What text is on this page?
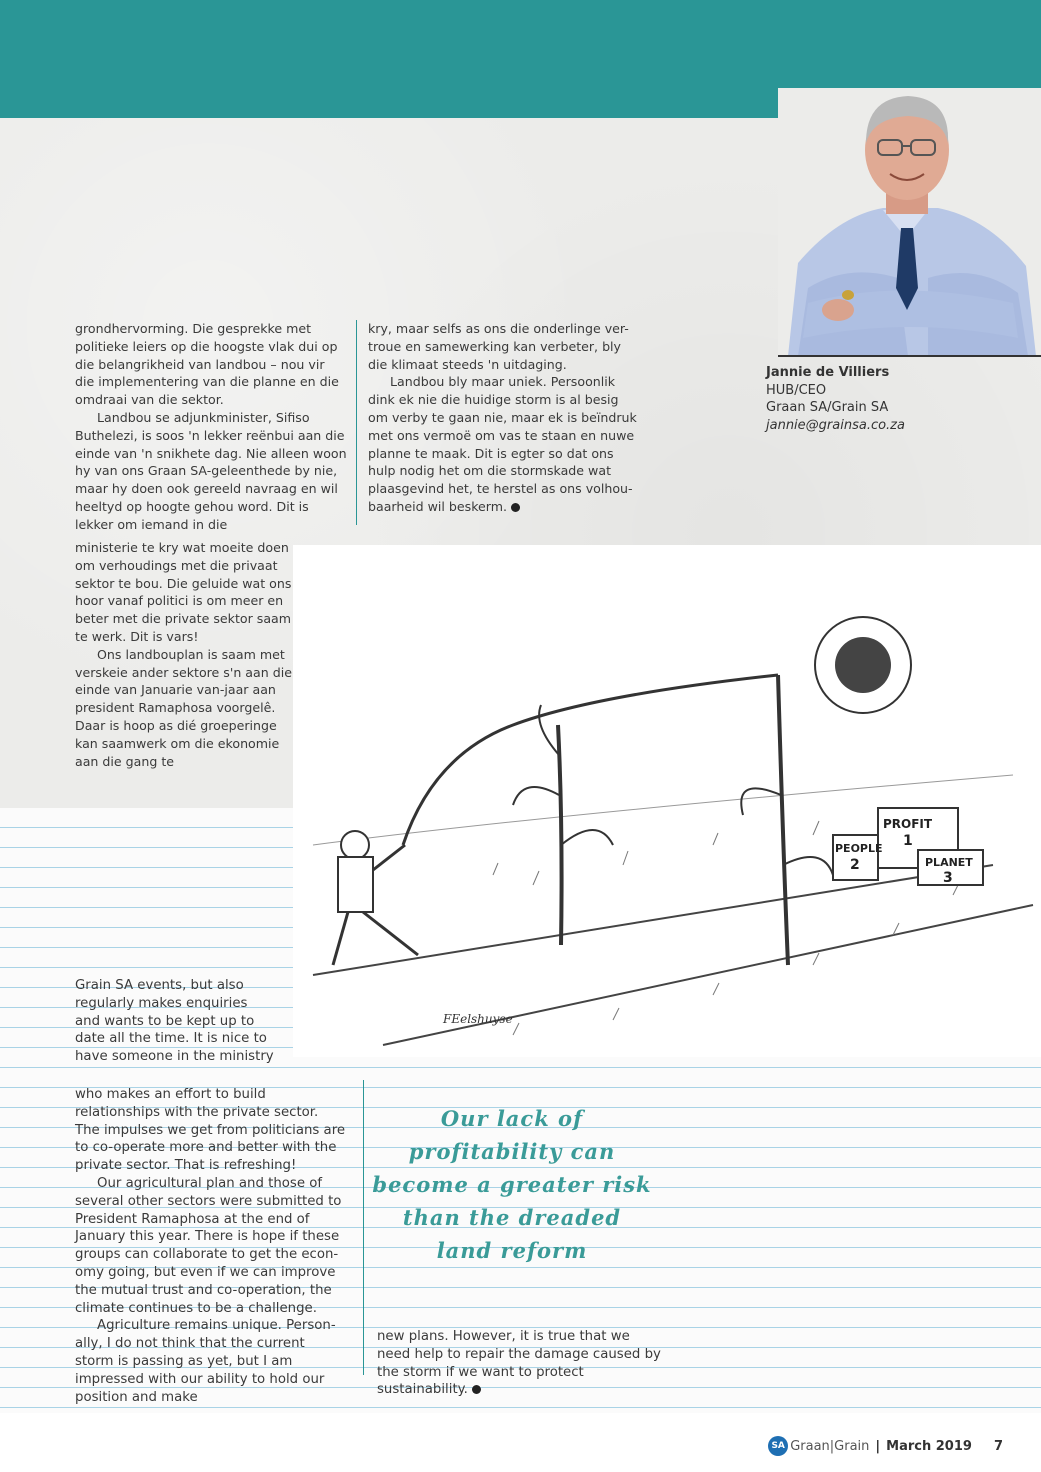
Jannie de Villiers
HUB/CEO
Graan SA/Grain SA
jannie@grainsa.co.za

grondhervorming. Die gesprekke met politieke leiers op die hoogste vlak dui op die belangrikheid van landbou – nou vir die implementering van die planne en die omdraai van die sektor.

Landbou se adjunkminister, Sifiso Buthelezi, is soos 'n lekker reënbui aan die einde van 'n snikhete dag. Nie alleen woon hy van ons Graan SA-geleenthede by nie, maar hy doen ook gereeld navraag en wil heeltyd op hoogte gehou word. Dit is lekker om iemand in die

ministerie te kry wat moeite doen om verhoudings met die privaat sektor te bou. Die geluide wat ons hoor vanaf politici is om meer en beter met die private sektor saam te werk. Dit is vars!

Ons landbouplan is saam met verskeie ander sektore s'n aan die einde van Januarie van-jaar aan president Ramaphosa voorgelê. Daar is hoop as dié groeperinge kan saamwerk om die ekonomie aan die gang te

kry, maar selfs as ons die onderlinge ver-troue en samewerking kan verbeter, bly die klimaat steeds 'n uitdaging.

Landbou bly maar uniek. Persoonlik dink ek nie die huidige storm is al besig om verby te gaan nie, maar ek is beïndruk met ons vermoë om vas te staan en nuwe planne te maak. Dit is egter so dat ons hulp nodig het om die stormskade wat plaasgevind het, te herstel as ons volhou-baarheid wil beskerm.

PROFIT
1
PEOPLE
2	PLANET
3
FEelshuyse

Grain SA events, but also regularly makes enquiries and wants to be kept up to date all the time. It is nice to have someone in the ministry

who makes an effort to build relationships with the private sector. The impulses we get from politicians are to co-operate more and better with the private sector. That is refreshing!

Our agricultural plan and those of several other sectors were submitted to President Ramaphosa at the end of January this year. There is hope if these groups can collaborate to get the econ-omy going, but even if we can improve the mutual trust and co-operation, the climate continues to be a challenge.

Agriculture remains unique. Person-ally, I do not think that the current storm is passing as yet, but I am impressed with our ability to hold our position and make

Our lack of profitability can become a greater risk than the dreaded land reform

new plans. However, it is true that we need help to repair the damage caused by the storm if we want to protect sustainability.

SA Graan|Grain | March 2019 7
